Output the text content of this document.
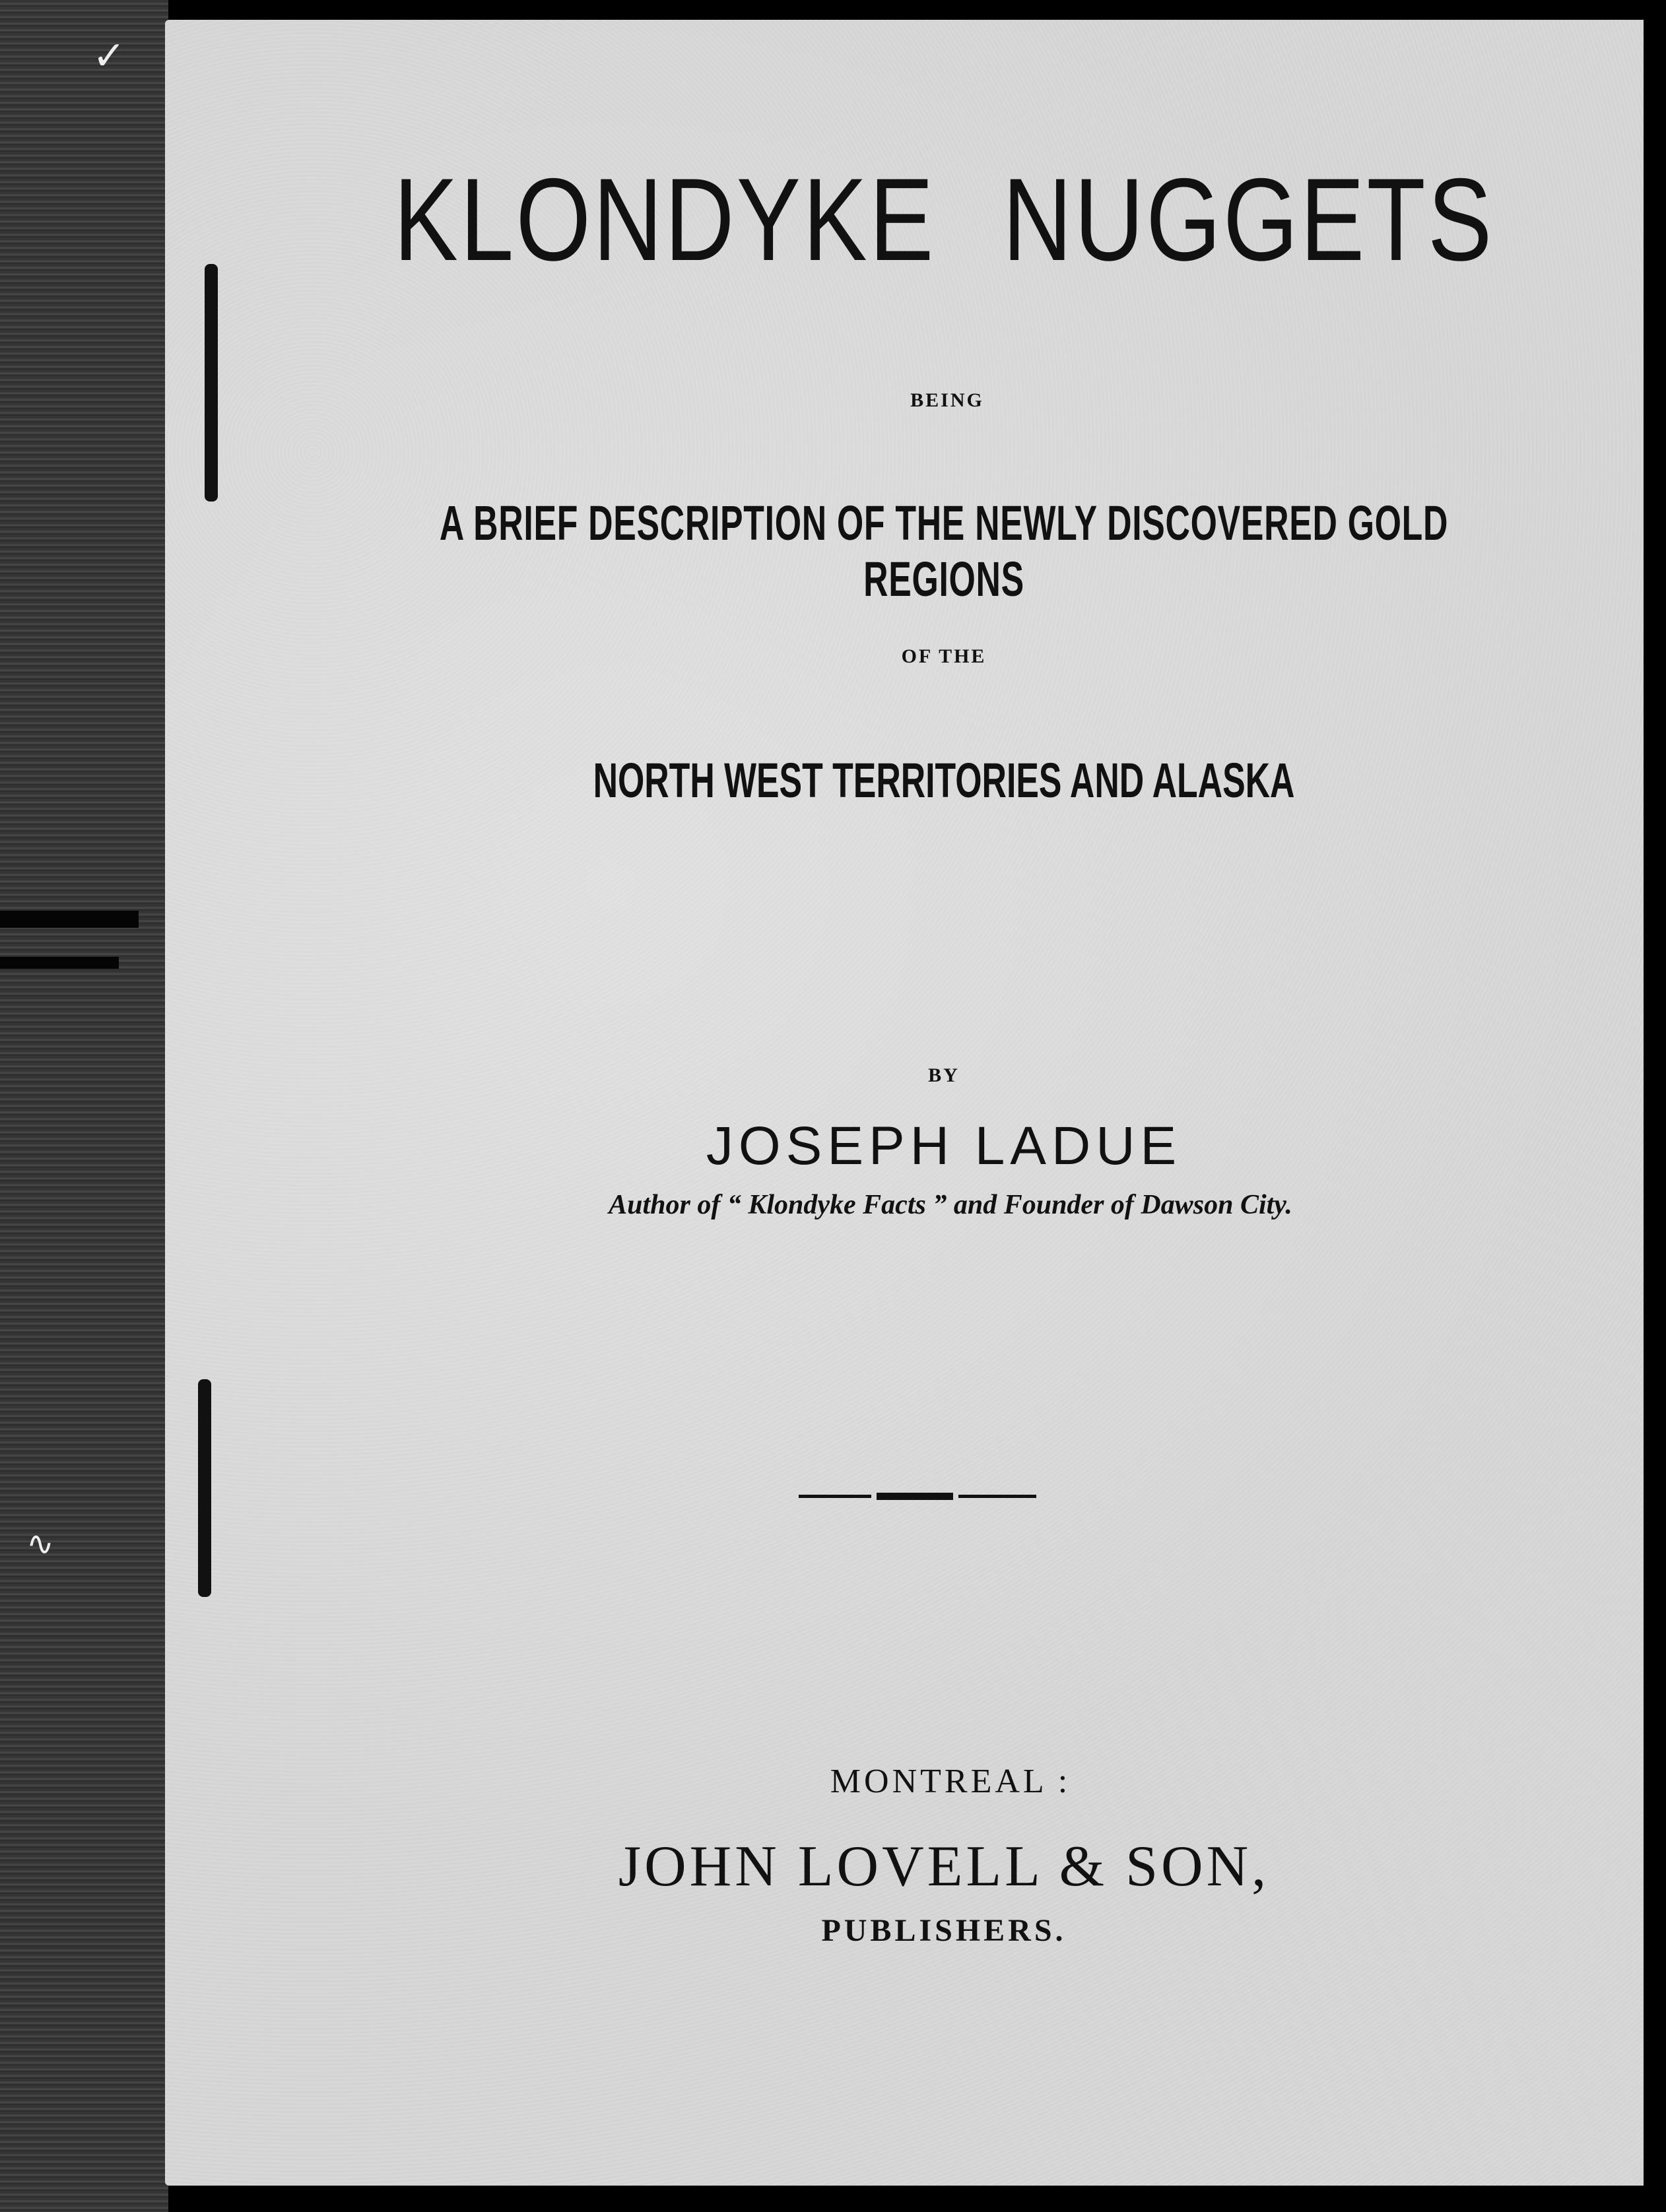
✓
∿
KLONDYKE NUGGETS
BEING
A BRIEF DESCRIPTION OF THE NEWLY DISCOVERED GOLD REGIONS
OF THE
NORTH WEST TERRITORIES AND ALASKA
BY
JOSEPH LADUE
Author of “ Klondyke Facts ” and Founder of Dawson City.
MONTREAL :
JOHN LOVELL & SON,
PUBLISHERS.
